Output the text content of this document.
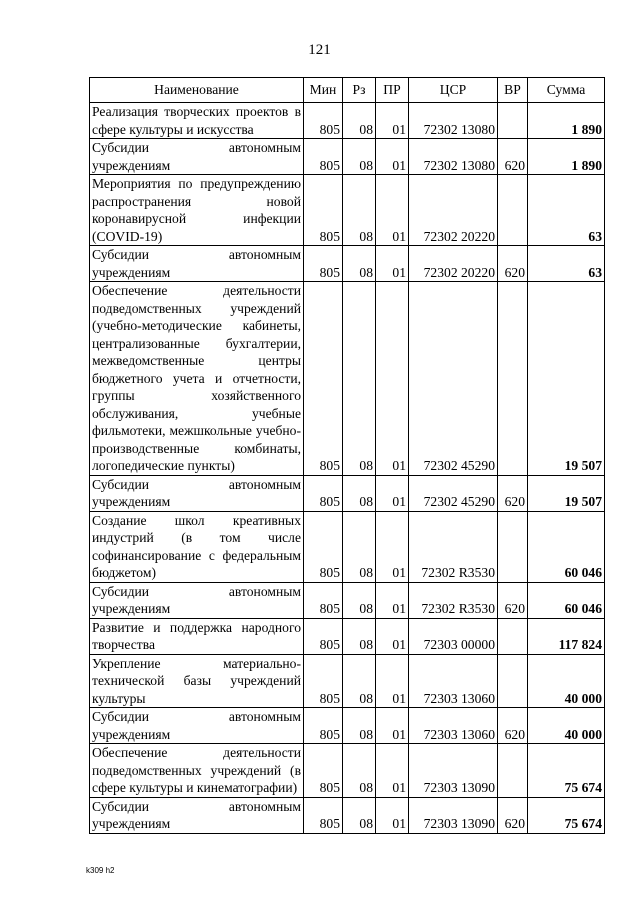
121
Наименование	Мин	Рз	ПР	ЦСР	ВР	Сумма
Реализация творческих проектов в сфере культуры и искусства	805	08	01	72302 13080		1 890
Субсидии автономным учреждениям	805	08	01	72302 13080	620	1 890
Мероприятия по предупреждению распространения новой коронавирусной инфекции (COVID-19)	805	08	01	72302 20220		63
Субсидии автономным учреждениям	805	08	01	72302 20220	620	63
Обеспечение деятельности подведомственных учреждений (учебно-методические кабинеты, централизованные бухгалтерии, межведомственные центры бюджетного учета и отчетности, группы хозяйственного обслуживания, учебные фильмотеки, межшкольные учебно-производственные комбинаты, логопедические пункты)	805	08	01	72302 45290		19 507
Субсидии автономным учреждениям	805	08	01	72302 45290	620	19 507
Создание школ креативных индустрий (в том числе софинансирование с федеральным бюджетом)	805	08	01	72302 R3530		60 046
Субсидии автономным учреждениям	805	08	01	72302 R3530	620	60 046
Развитие и поддержка народного творчества	805	08	01	72303 00000		117 824
Укрепление материально-технической базы учреждений культуры	805	08	01	72303 13060		40 000
Субсидии автономным учреждениям	805	08	01	72303 13060	620	40 000
Обеспечение деятельности подведомственных учреждений (в сфере культуры и кинематографии)	805	08	01	72303 13090		75 674
Субсидии автономным учреждениям	805	08	01	72303 13090	620	75 674
k309 h2
